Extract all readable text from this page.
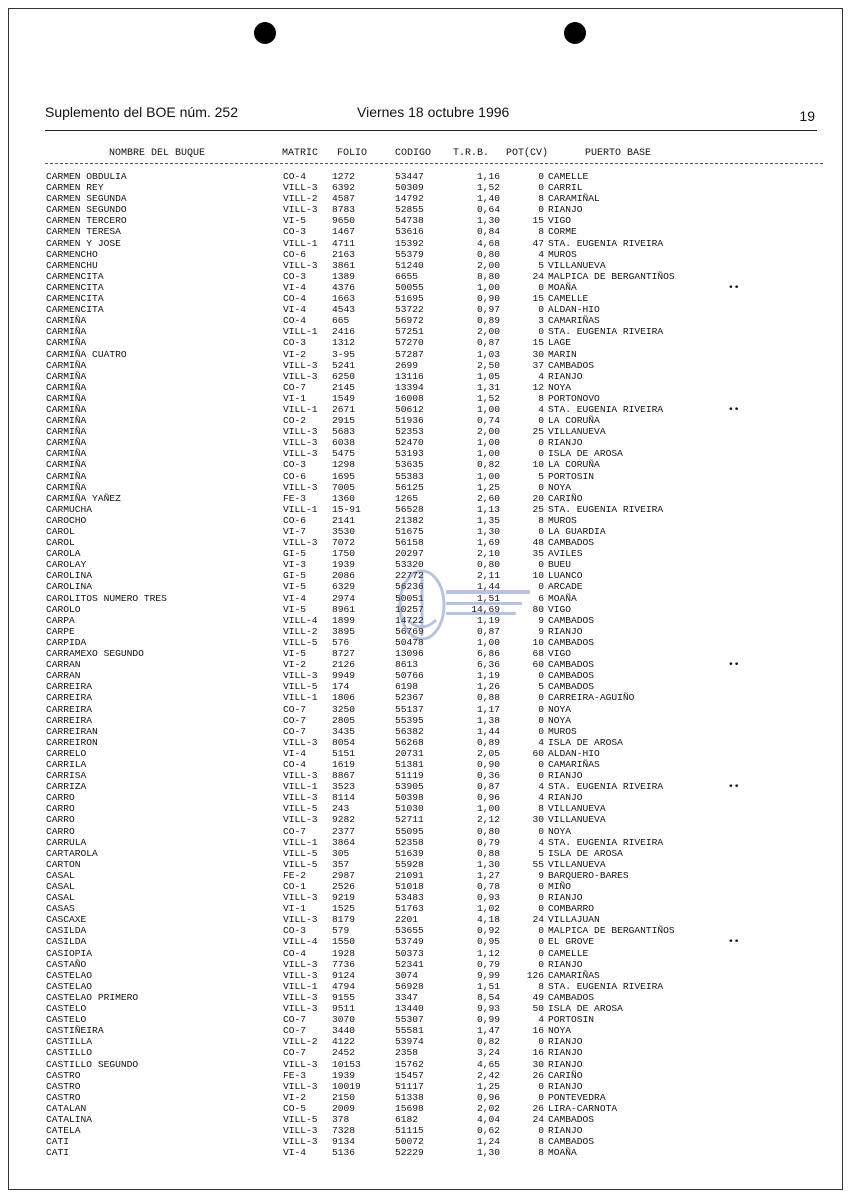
Suplemento del BOE núm. 252	Viernes 18 octubre 1996	19
NOMBRE DEL BUQUE	MATRIC FOLIO	CODIGO T.R.B. POT(CV)	PUERTO BASE
CARMEN OBDULIA	CO-4	1272	53447	1,16	0 CAMELLE
CARMEN REY	VILL-3 6392	50309	1,52	0 CARRIL
CARMEN SEGUNDA	VILL-2 4587	14792	1,40	8 CARAMIÑAL
CARMEN SEGUNDO	VILL-3 8783	52855	0,64	0 RIANJO
CARMEN TERCERO	VI-5	9650	54738	1,30	15 VIGO
CARMEN TERESA	CO-3	1467	53616	0,84	8 CORME
CARMEN Y JOSE	VILL-1 4711	15392	4,68	47 STA. EUGENIA RIVEIRA
CARMENCHO	CO-6	2163	55379	0,80	4 MUROS
CARMENCHU	VILL-3 3861	51240	2,00	5 VILLANUEVA
CARMENCITA	CO-3	1389	6655	8,80	24 MALPICA DE BERGANTIÑOS
CARMENCITA	VI-4	4376	50055	1,00	0 MOAÑA	••
CARMENCITA	CO-4	1663	51695	0,90	15 CAMELLE
CARMENCITA	VI-4	4543	53722	0,97	0 ALDAN-HIO
CARMIÑA	CO-4	665	56972	0,89	3 CAMARIÑAS
CARMIÑA	VILL-1 2416	57251	2,00	0 STA. EUGENIA RIVEIRA
CARMIÑA	CO-3	1312	57270	0,87	15 LAGE
CARMIÑA CUATRO	VI-2	3-95	57287	1,03	30 MARIN
CARMIÑA	VILL-3 5241	2699	2,50	37 CAMBADOS
CARMIÑA	VILL-3 6250	13116	1,05	4 RIANJO
CARMIÑA	CO-7	2145	13394	1,31	12 NOYA
CARMIÑA	VI-1	1549	16008	1,52	8 PORTONOVO
CARMIÑA	VILL-1 2671	50612	1,00	4 STA. EUGENIA RIVEIRA	••
CARMIÑA	CO-2	2915	51936	0,74	0 LA CORUÑA
CARMIÑA	VILL-3 5683	52353	2,00	25 VILLANUEVA
CARMIÑA	VILL-3 6038	52470	1,00	0 RIANJO
CARMIÑA	VILL-3 5475	53193	1,00	0 ISLA DE AROSA
CARMIÑA	CO-3	1298	53635	0,82	10 LA CORUÑA
CARMIÑA	CO-6	1695	55383	1,00	5 PORTOSIN
CARMIÑA	VILL-3 7005	56125	1,25	0 NOYA
CARMIÑA YAÑEZ	FE-3	1360	1265	2,60	20 CARIÑO
CARMUCHA	VILL-1 15-91	56528	1,13	25 STA. EUGENIA RIVEIRA
CAROCHO	CO-6	2141	21382	1,35	8 MUROS
CAROL	VI-7	3530	51675	1,30	0 LA GUARDIA
CAROL	VILL-3 7072	56158	1,69	48 CAMBADOS
CAROLA	GI-5	1750	20297	2,10	35 AVILES
CAROLAY	VI-3	1939	53320	0,80	0 BUEU
CAROLINA	GI-5	2086	22772	2,11	10 LUANCO
CAROLINA	VI-5	6329	56236	1,44	0 ARCADE
CAROLITOS NUMERO TRES	VI-4	2974	50051	1,51	6 MOAÑA
CAROLO	VI-5	8961	10257	14,69	80 VIGO
CARPA	VILL-4 1899	14722	1,19	9 CAMBADOS
CARPE	VILL-2 3895	56769	0,87	9 RIANJO
CARPIDA	VILL-5 576	50478	1,00	10 CAMBADOS
CARRAMEXO SEGUNDO	VI-5	8727	13096	6,86	68 VIGO
CARRAN	VI-2	2126	8613	6,36	60 CAMBADOS	••
CARRAN	VILL-3 9949	50766	1,19	0 CAMBADOS
CARREIRA	VILL-5 174	6198	1,26	5 CAMBADOS
CARREIRA	VILL-1 1806	52367	0,88	0 CARREIRA-AGUIÑO
CARREIRA	CO-7	3250	55137	1,17	0 NOYA
CARREIRA	CO-7	2805	55395	1,38	0 NOYA
CARREIRAN	CO-7	3435	56382	1,44	0 MUROS
CARREIRON	VILL-3 8054	56268	0,89	4 ISLA DE AROSA
CARRELO	VI-4	5151	20731	2,05	60 ALDAN-HIO
CARRILA	CO-4	1619	51381	0,90	0 CAMARIÑAS
CARRISA	VILL-3 8867	51119	0,36	0 RIANJO
CARRIZA	VILL-1 3523	53905	0,87	4 STA. EUGENIA RIVEIRA	••
CARRO	VILL-3 8114	50398	0,96	4 RIANJO
CARRO	VILL-5 243	51030	1,00	8 VILLANUEVA
CARRO	VILL-3 9282	52711	2,12	30 VILLANUEVA
CARRO	CO-7	2377	55095	0,80	0 NOYA
CARRULA	VILL-1 3864	52358	0,79	4 STA. EUGENIA RIVEIRA
CARTAROLA	VILL-5 305	51639	0,88	5 ISLA DE AROSA
CARTON	VILL-5 357	55928	1,30	55 VILLANUEVA
CASAL	FE-2	2987	21091	1,27	9 BARQUERO-BARES
CASAL	CO-1	2526	51018	0,78	0 MIÑO
CASAL	VILL-3 9219	53483	0,93	0 RIANJO
CASAS	VI-1	1525	51763	1,02	0 COMBARRO
CASCAXE	VILL-3 8179	2201	4,18	24 VILLAJUAN
CASILDA	CO-3	579	53655	0,92	0 MALPICA DE BERGANTIÑOS
CASILDA	VILL-4 1550	53749	0,95	0 EL GROVE	••
CASIOPIA	CO-4	1928	50373	1,12	0 CAMELLE
CASTAÑO	VILL-3 7736	52341	0,79	0 RIANJO
CASTELAO	VILL-3 9124	3074	9,99	126 CAMARIÑAS
CASTELAO	VILL-1 4794	56928	1,51	8 STA. EUGENIA RIVEIRA
CASTELAO PRIMERO	VILL-3 9155	3347	8,54	49 CAMBADOS
CASTELO	VILL-3 9511	13440	9,93	50 ISLA DE AROSA
CASTELO	CO-7	3070	55307	0,99	4 PORTOSIN
CASTIÑEIRA	CO-7	3440	55581	1,47	16 NOYA
CASTILLA	VILL-2 4122	53974	0,82	0 RIANJO
CASTILLO	CO-7	2452	2358	3,24	16 RIANJO
CASTILLO SEGUNDO	VILL-3 10153	15762	4,65	30 RIANJO
CASTRO	FE-3	1939	15457	2,42	26 CARIÑO
CASTRO	VILL-3 10019	51117	1,25	0 RIANJO
CASTRO	VI-2	2150	51338	0,96	0 PONTEVEDRA
CATALAN	CO-5	2009	15698	2,02	26 LIRA-CARNOTA
CATALINA	VILL-5 378	6182	4,04	24 CAMBADOS
CATELA	VILL-3 7328	51115	0,62	0 RIANJO
CATI	VILL-3 9134	50072	1,24	8 CAMBADOS
CATI	VI-4	5136	52229	1,30	8 MOAÑA
